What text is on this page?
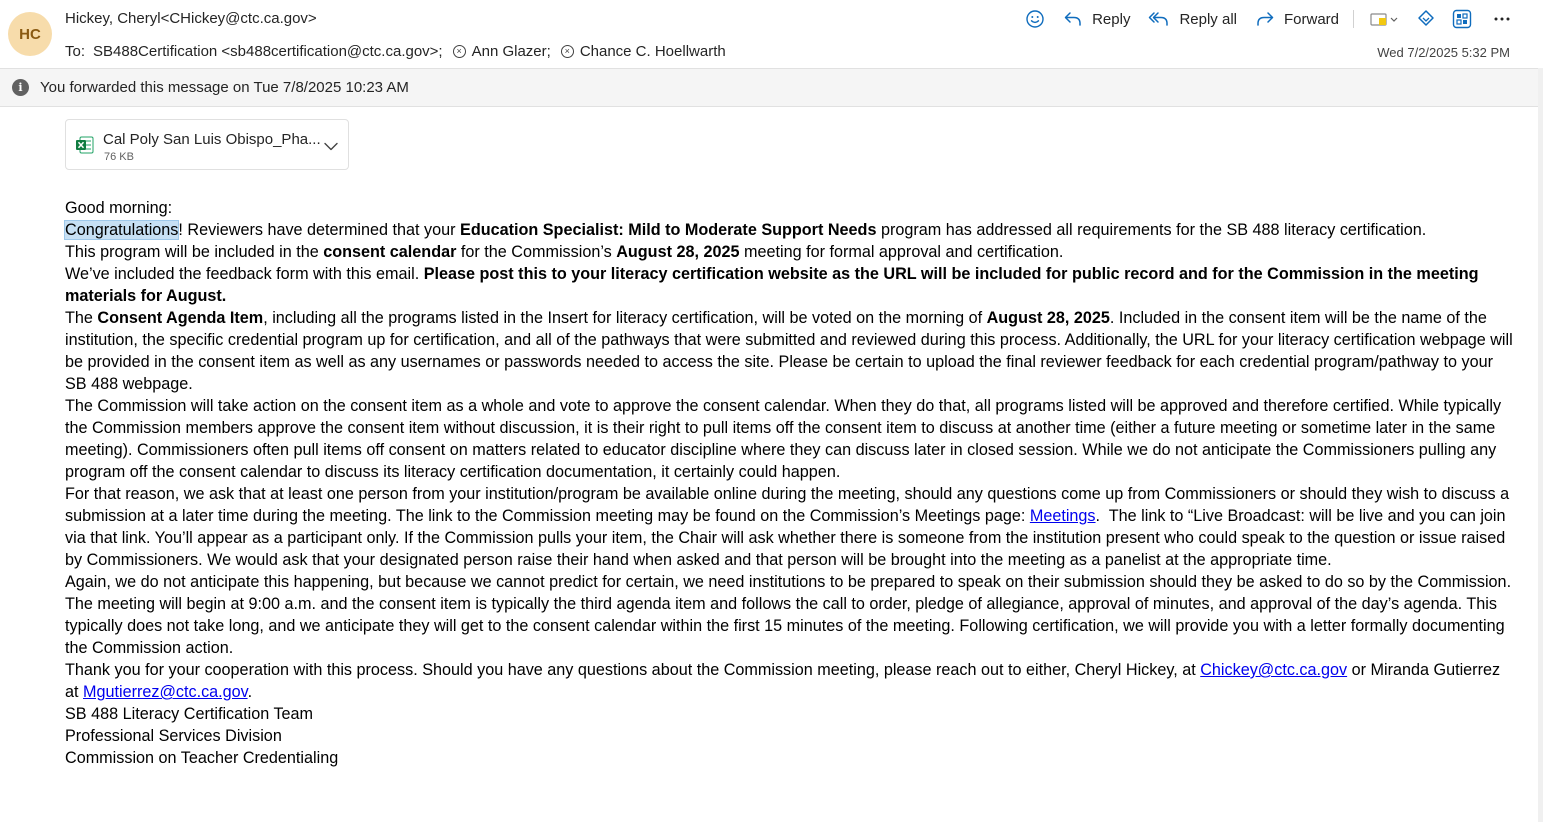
HC
Hickey, Cheryl<CHickey@ctc.ca.gov>
To: SB488Certification <sb488certification@ctc.ca.gov>;	× Ann Glazer;	× Chance C. Hoellwarth
Reply	Reply all	Forward
Wed 7/2/2025 5:32 PM
i	You forwarded this message on Tue 7/8/2025 10:23 AM
Cal Poly San Luis Obispo_Pha...
76 KB

Good morning:

Congratulations! Reviewers have determined that your Education Specialist: Mild to Moderate Support Needs program has addressed all requirements for the SB 488 literacy certification.

This program will be included in the consent calendar for the Commission’s August 28, 2025 meeting for formal approval and certification.

We’ve included the feedback form with this email. Please post this to your literacy certification website as the URL will be included for public record and for the Commission in the meeting materials for August.

The Consent Agenda Item, including all the programs listed in the Insert for literacy certification, will be voted on the morning of August 28, 2025. Included in the consent item will be the name of the institution, the specific credential program up for certification, and all of the pathways that were submitted and reviewed during this process. Additionally, the URL for your literacy certification webpage will be provided in the consent item as well as any usernames or passwords needed to access the site. Please be certain to upload the final reviewer feedback for each credential program/pathway to your SB 488 webpage.

The Commission will take action on the consent item as a whole and vote to approve the consent calendar. When they do that, all programs listed will be approved and therefore certified. While typically the Commission members approve the consent item without discussion, it is their right to pull items off the consent item to discuss at another time (either a future meeting or sometime later in the same meeting). Commissioners often pull items off consent on matters related to educator discipline where they can discuss later in closed session. While we do not anticipate the Commissioners pulling any program off the consent calendar to discuss its literacy certification documentation, it certainly could happen.

For that reason, we ask that at least one person from your institution/program be available online during the meeting, should any questions come up from Commissioners or should they wish to discuss a submission at a later time during the meeting. The link to the Commission meeting may be found on the Commission’s Meetings page: Meetings.  The link to “Live Broadcast: will be live and you can join via that link. You’ll appear as a participant only. If the Commission pulls your item, the Chair will ask whether there is someone from the institution present who could speak to the question or issue raised by Commissioners. We would ask that your designated person raise their hand when asked and that person will be brought into the meeting as a panelist at the appropriate time.

Again, we do not anticipate this happening, but because we cannot predict for certain, we need institutions to be prepared to speak on their submission should they be asked to do so by the Commission.

The meeting will begin at 9:00 a.m. and the consent item is typically the third agenda item and follows the call to order, pledge of allegiance, approval of minutes, and approval of the day’s agenda. This typically does not take long, and we anticipate they will get to the consent calendar within the first 15 minutes of the meeting. Following certification, we will provide you with a letter formally documenting the Commission action.

Thank you for your cooperation with this process. Should you have any questions about the Commission meeting, please reach out to either, Cheryl Hickey, at Chickey@ctc.ca.gov or Miranda Gutierrez at Mgutierrez@ctc.ca.gov.

SB 488 Literacy Certification Team

Professional Services Division

Commission on Teacher Credentialing
